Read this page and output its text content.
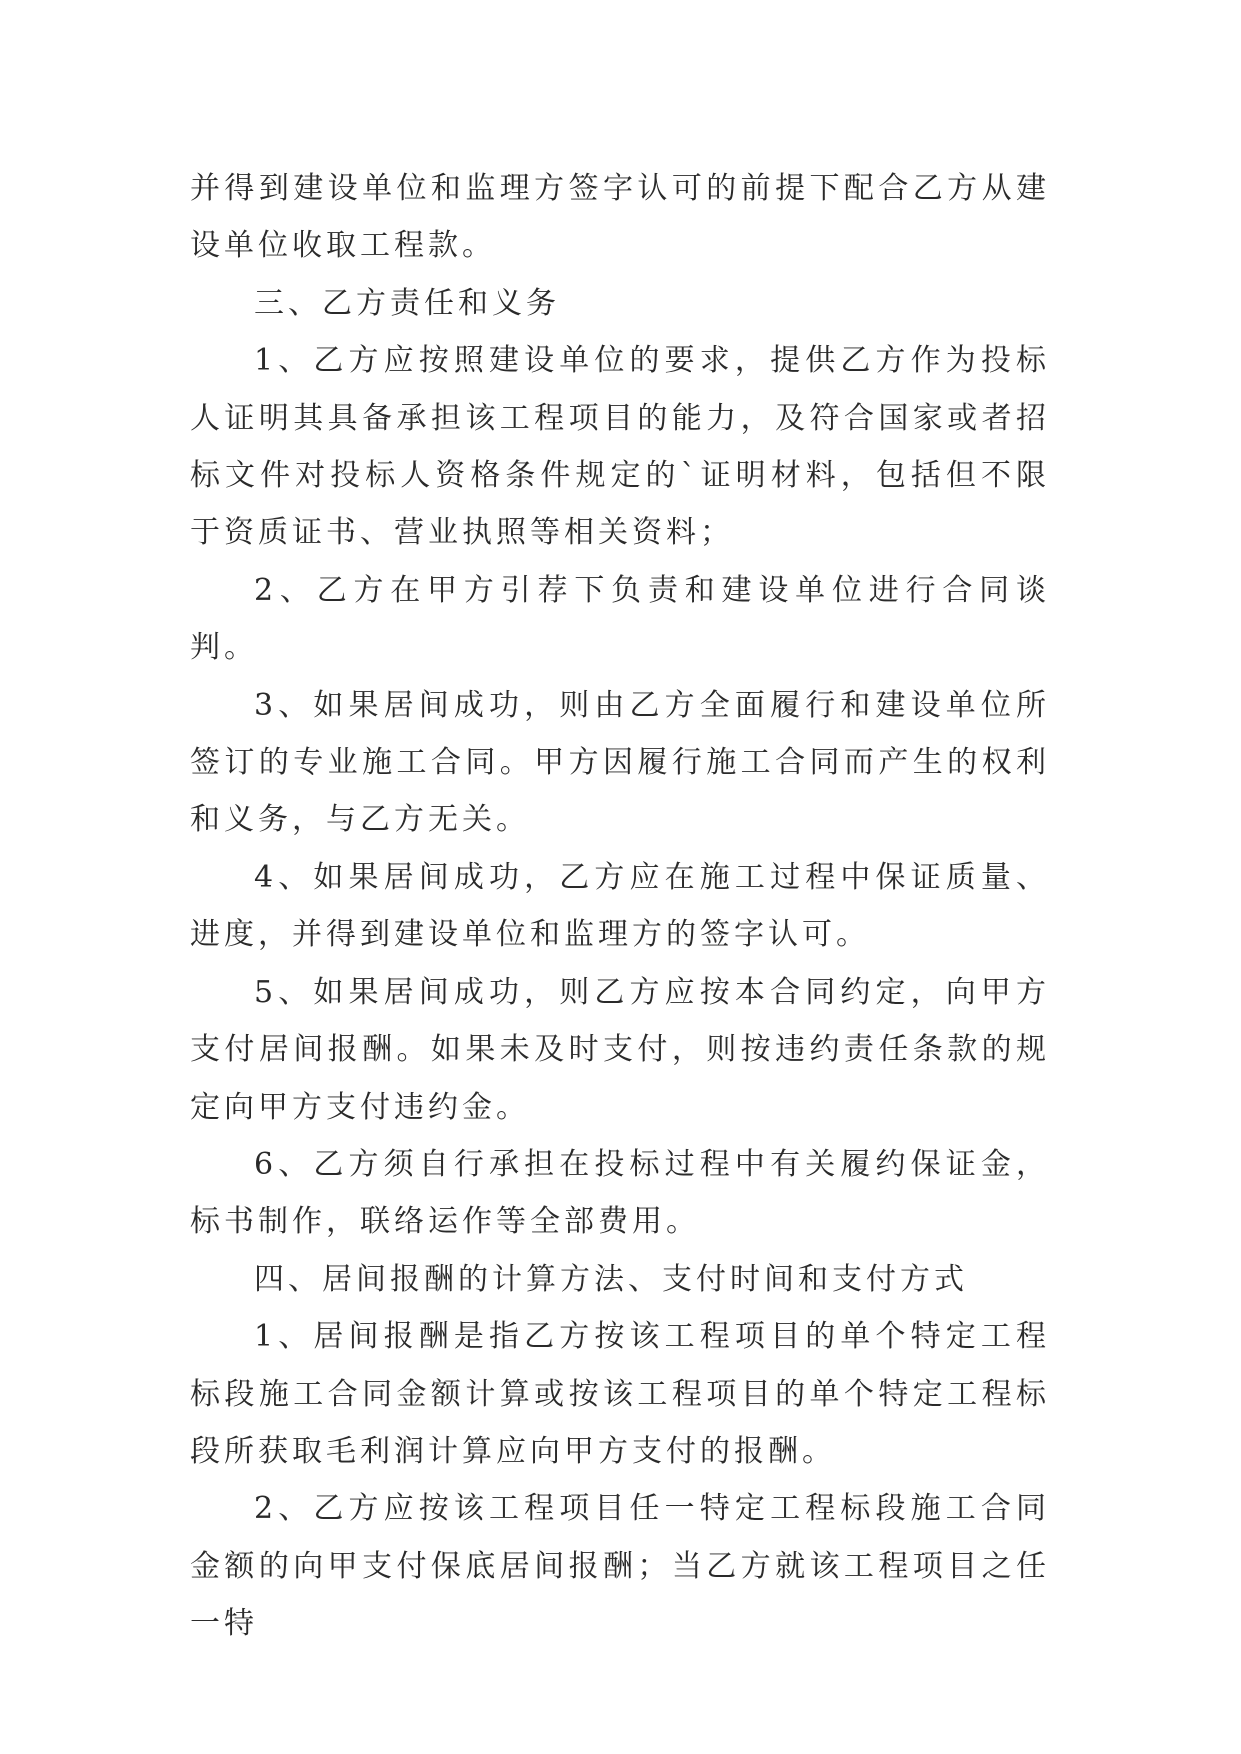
并得到建设单位和监理方签字认可的前提下配合乙方从建设单位收取工程款。

三、乙方责任和义务

1、乙方应按照建设单位的要求，提供乙方作为投标人证明其具备承担该工程项目的能力，及符合国家或者招标文件对投标人资格条件规定的`证明材料，包括但不限于资质证书、营业执照等相关资料；

2、乙方在甲方引荐下负责和建设单位进行合同谈判。

3、如果居间成功，则由乙方全面履行和建设单位所签订的专业施工合同。甲方因履行施工合同而产生的权利和义务，与乙方无关。

4、如果居间成功，乙方应在施工过程中保证质量、进度，并得到建设单位和监理方的签字认可。

5、如果居间成功，则乙方应按本合同约定，向甲方支付居间报酬。如果未及时支付，则按违约责任条款的规定向甲方支付违约金。

6、乙方须自行承担在投标过程中有关履约保证金，标书制作，联络运作等全部费用。

四、居间报酬的计算方法、支付时间和支付方式

1、居间报酬是指乙方按该工程项目的单个特定工程标段施工合同金额计算或按该工程项目的单个特定工程标段所获取毛利润计算应向甲方支付的报酬。

2、乙方应按该工程项目任一特定工程标段施工合同金额的向甲支付保底居间报酬；当乙方就该工程项目之任一特
